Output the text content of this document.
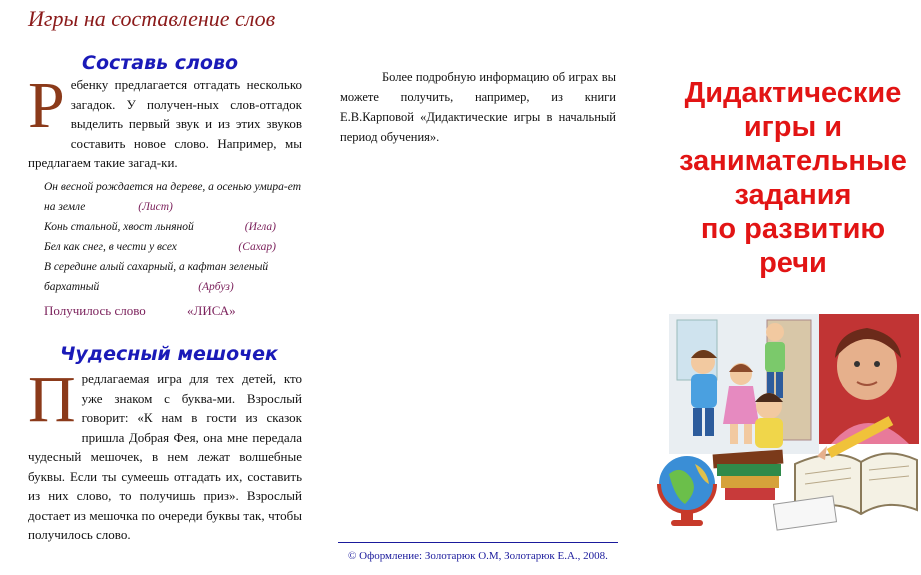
Игры на составление слов
Составь слово
Ребенку предлагается отгадать несколько загадок. У получен-ных слов-отгадок выделить первый звук и из этих звуков составить новое слово. Например, мы предлагаем такие загад-ки.
Он весной рождается на дереве, а осенью умира-ет на земле	(Лист)
Конь стальной, хвост льняной	(Игла)
Бел как снег, в чести у всех	(Сахар)
В середине алый сахарный, а кафтан зеленый бархатный	(Арбуз)
Получилось слово	«ЛИСА»
Чудесный мешочек
Предлагаемая игра для тех детей, кто уже знаком с буква-ми. Взрослый говорит: «К нам в гости из сказок пришла Добрая Фея, она мне передала чудесный мешочек, в нем лежат волшебные буквы. Если ты сумеешь отгадать их, составить из них слово, то получишь приз». Взрослый достает из мешочка по очереди буквы так, чтобы получилось слово.
Более подробную информацию об играх вы можете получить, например, из книги Е.В.Карповой «Дидактические игры в начальный период обучения».
© Оформление: Золотарюк О.М, Золотарюк Е.А., 2008.
Дидактические
игры и
занимательные
задания
по развитию
речи
